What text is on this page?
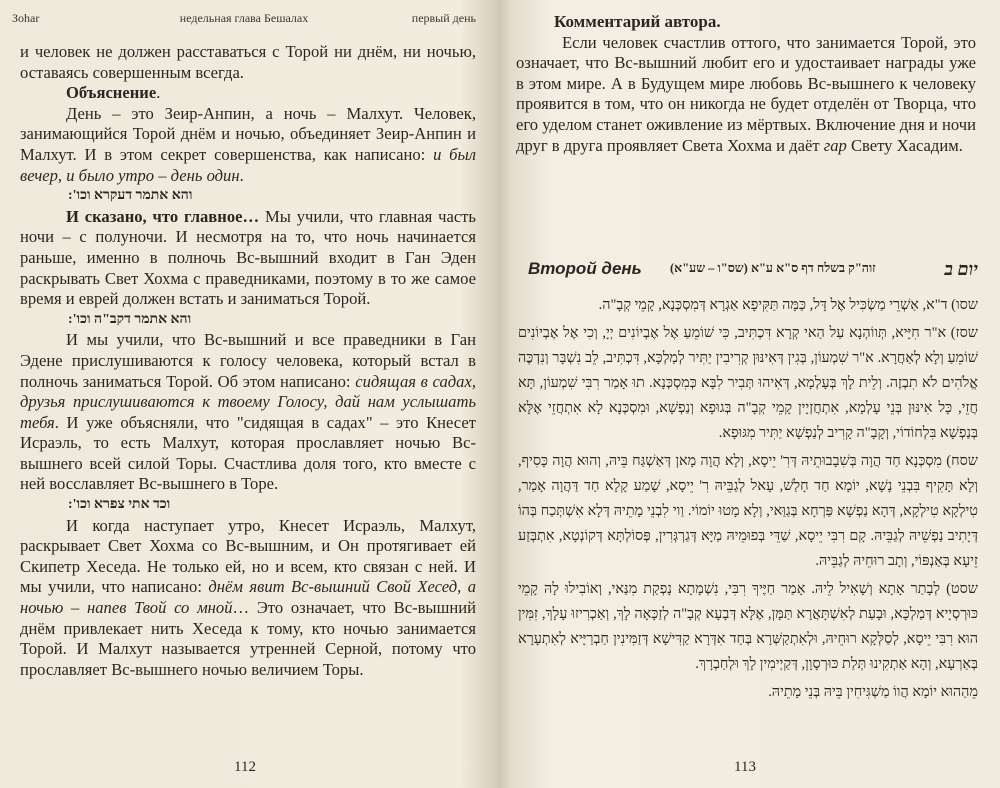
Зohar	недельная глава Бешалах	первый день

и человек не должен расставаться с Торой ни днём, ни ночью, оставаясь совершенным всегда.

Объяснение.

День – это Зеир-Анпин, а ночь – Малхут. Человек, занимающийся Торой днём и ночью, объединяет Зеир-Анпин и Малхут. И в этом секрет совершенства, как написано: и был вечер, и было утро – день один.

והא אתמר דעקרא וכו':

И сказано, что главное… Мы учили, что главная часть ночи – с полуночи. И несмотря на то, что ночь начинается раньше, именно в полночь Вс-вышний входит в Ган Эден раскрывать Свет Хохма с праведниками, поэтому в то же самое время и еврей должен встать и заниматься Торой.

והא אתמר דקב"ה וכו':

И мы учили, что Вс-вышний и все праведники в Ган Эдене прислушиваются к голосу человека, который встал в полночь заниматься Торой. Об этом написано: сидящая в садах, друзья прислушиваются к твоему Голосу, дай нам услышать тебя. И уже объясняли, что "сидящая в садах" – это Кнесет Исраэль, то есть Малхут, которая прославляет ночью Вс-вышнего всей силой Торы. Счастлива доля того, кто вместе с ней восславляет Вс-вышнего в Торе.

וכד אתי צפרא וכו':

И когда наступает утро, Кнесет Исраэль, Малхут, раскрывает Свет Хохма со Вс-вышним, и Он протягивает ей Скипетр Хеседа. Не только ей, но и всем, кто связан с ней. И мы учили, что написано: днём явит Вс-вышний Свой Хесед, а ночью – напев Твой со мной… Это означает, что Вс-вышний днём привлекает нить Хеседа к тому, кто ночью занимается Торой. И Малхут называется утренней Серной, потому что прославляет Вс-вышнего ночью величием Торы.

112

Комментарий автора.

Если человек счастлив оттого, что занимается Торой, это означает, что Вс-вышний любит его и удостаивает награды уже в этом мире. А в Будущем мире любовь Вс-вышнего к человеку проявится в том, что он никогда не будет отделён от Творца, что его уделом станет оживление из мёртвых. Включение дня и ночи друг в друга проявляет Света Хохма и даёт гар Свету Хасадим.

Второй день זוה"ק בשלח דף ס"א ע"א (שס"ו – שע"א)	יום ב

שסו) ד"א, אַשְׁרֵי מַשְׂכִּיל אֶל דָּל, כַּמָּה תַּקִּיפָא אַגְרָא דְּמִסְכְּנָא, קָמֵי קְבָ"ה.

שסז) א"ר חִיָּיא, תְּווֹהְנָא עַל הַאי קְרָא דִּכְתִּיב, כִּי שׁוֹמֵעַ אֶל אֶבְיוֹנִים יְיָ, וְכִי אֶל אֶבְיוֹנִים שׁוֹמֵעַ וְלָא לְאַחֲרָא. א"ר שִׁמְעוֹן, בְּגִין דְּאִינּוּן קְרִיבִין יַתִּיר לְמַלְכָּא, דִּכְתִּיב, לֵב נִשְׁבָּר וְנִדְכֶּה אֱלֹהִים לֹא תִבְזֶה. וְלֵית לָךְ בְּעָלְמָא, דְּאִיהוּ תְּבִיר לִבָּא כְּמִסְכְּנָא. תוּ אָמַר רִבִּי שִׁמְעוֹן, תָּא חֲזֵי, כָּל אִינּוּן בְּנֵי עָלְמָא, אִתְחֲזְיָין קָמֵי קְבָ"ה בְּגוּפָא וְנַפְשָׁא, וּמִסְכְּנָא לָא אִתְחֲזֵי אֶלָּא בְּנַפְשָׁא בִּלְחוֹדוֹי, וְקָבָ"ה קָרִיב לְנַפְשָׁא יַתִּיר מִגּוּפָא.

שסח) מִסְכְּנָא חַד הֲוָה בְּשִׁבָבוּתֵיהּ דְּרִ' יֵיסָא, וְלָא הֲוָה מָאן דְּאַשְׁגַּח בֵּיהּ, וְהוּא הֲוָה כָּסִיף, וְלָא תָּקִיף בִּבְנֵי נָשָׁא, יוֹמָא חַד חָלַשׁ, עָאל לְגַבֵּיהּ רִ' יֵיסָא, שָׁמַע קָלָא חַד דַּהֲוָה אָמַר, טִילְקָא טִילְקָא, דְּהָא נַפְשָׁא פַּרְחָא בְּגַוַּאי, וְלָא מָטוּ יוֹמוֹי. וַוי לִבְנֵי מָתֵיהּ דְּלָא אִשְׁתְּכַח בְּהוֹ דְּיָתִיב נַפְשֵׁיהּ לְגַבֵּיהּ. קָם רִבִּי יֵיסָא, שַׁדֵּי בְּפוּמֵיהּ מַיָּא דְּגַרְגְּרִין, פְּסוֹלְתָּא דְּקוֹנְטָא, אִתְבְּזַע זֵיעָא בְּאַנְפּוֹי, וְתָב רוּחֵיהּ לְגַבֵּיהּ.

שסט) לְבָתַר אָתָא וְשָׁאִיל לֵיהּ. אָמַר חַיֶּיךָ רִבִּי, נִשְׁמָתָא נָפְקַת מִנַּאי, וְאוֹבִילוּ לָהּ קָמֵי כּוּרְסְיָיא דְּמַלְכָּא, וּבָעַת לְאִשְׁתָּאֲרָא תַּמָּן, אֶלָּא דְּבָעָא קְבָ"ה לְזַכָּאָה לָךְ, וְאַכְרִיזוּ עָלָךְ, זִמִּין הוּא רִבִּי יֵיסָא, לְסַלְּקָא רוּחֵיהּ, וּלְאִתְקַשְּׁרָא בְּחַד אִדְּרָא קַדִּישָׁא דְּזַמִּינִין חַבְרַיָּיא לְאִתְעָרָא בְּאַרְעָא, וְהָא אַתְקִינוּ תְּלַת כּוּרְסָוָן, דְּקַיְימִין לָךְ וּלְחַבְרָךְ.

מֵהַהוּא יוֹמָא הֲווֹ מַשְׁגִּיחִין בֵּיהּ בְּנֵי מָתֵיהּ.

113
